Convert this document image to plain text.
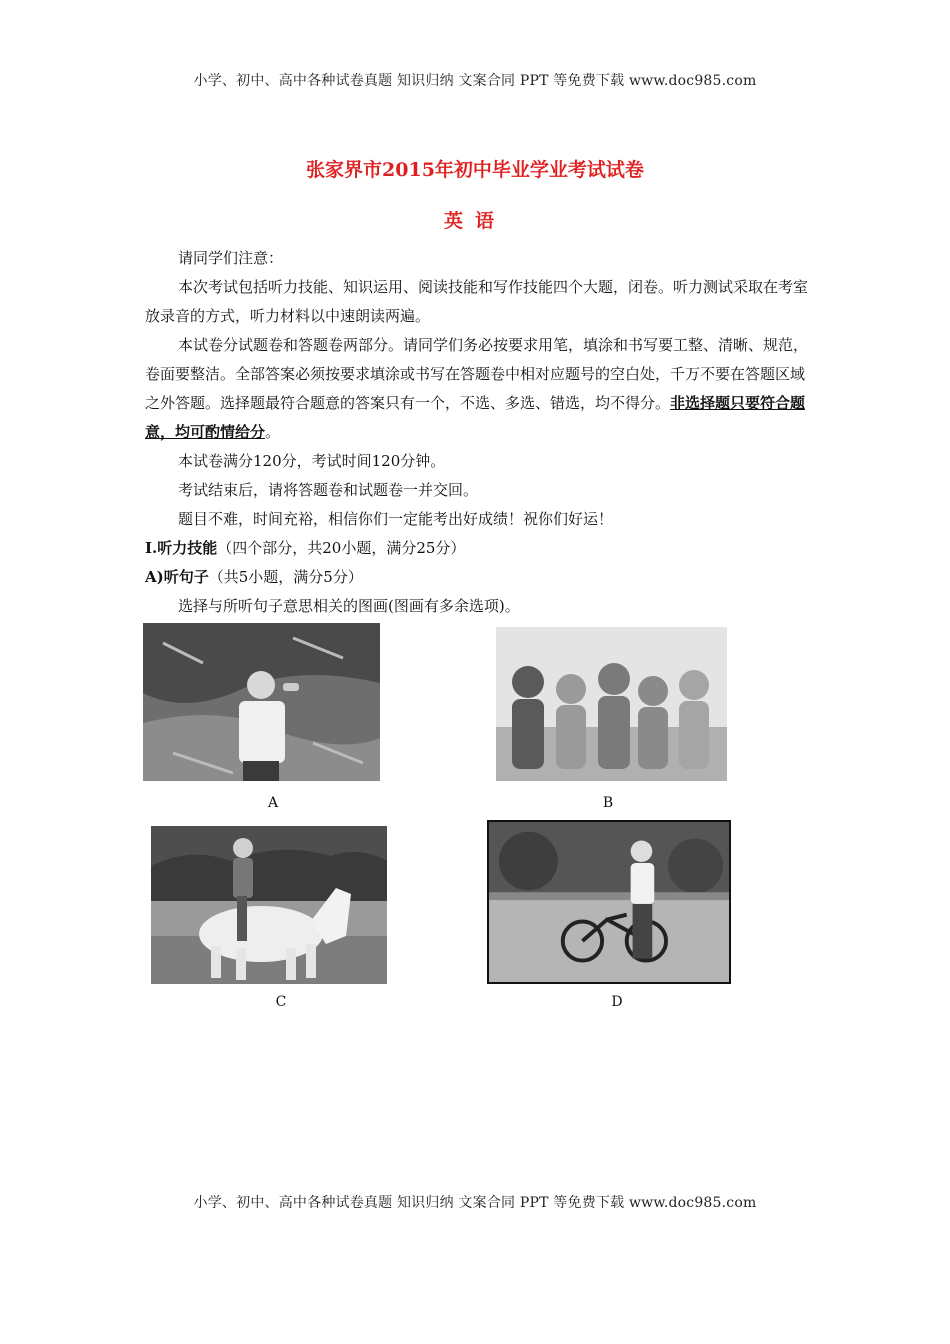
小学、初中、高中各种试卷真题 知识归纳 文案合同 PPT 等免费下载 www.doc985.com
张家界市2015年初中毕业学业考试试卷
英语

请同学们注意：

本次考试包括听力技能、知识运用、阅读技能和写作技能四个大题，闭卷。听力测试采取在考室放录音的方式，听力材料以中速朗读两遍。

本试卷分试题卷和答题卷两部分。请同学们务必按要求用笔，填涂和书写要工整、清晰、规范，卷面要整洁。全部答案必须按要求填涂或书写在答题卷中相对应题号的空白处，千万不要在答题区域之外答题。选择题最符合题意的答案只有一个，不选、多选、错选，均不得分。非选择题只要符合题意，均可酌情给分。

本试卷满分120分，考试时间120分钟。

考试结束后，请将答题卷和试题卷一并交回。

题目不难，时间充裕，相信你们一定能考出好成绩！祝你们好运！

Ⅰ.听力技能（四个部分，共20小题，满分25分）

A)听句子（共5小题，满分5分）

选择与所听句子意思相关的图画(图画有多余选项)。

A	B
C	D
小学、初中、高中各种试卷真题 知识归纳 文案合同 PPT 等免费下载 www.doc985.com
